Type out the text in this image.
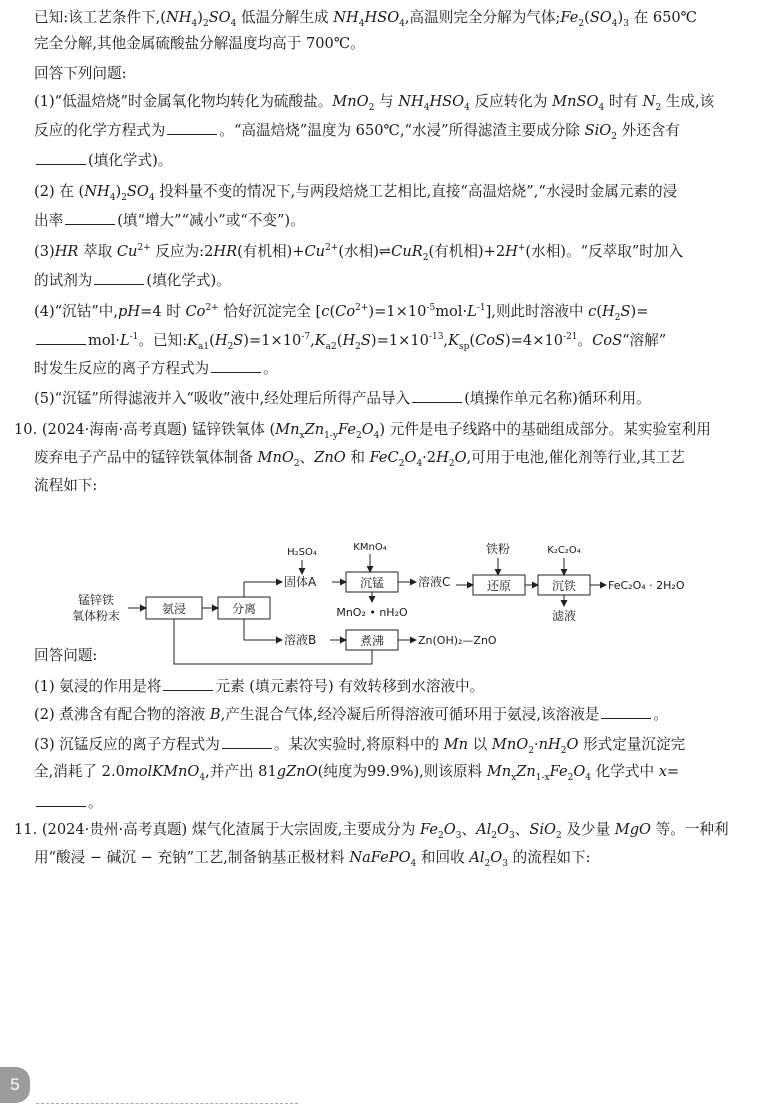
已知:该工艺条件下$,(NH_4)_2SO_4$ 低温分解生成 $NH_4HSO_4$,高温则完全分解为气体$;Fe_2(SO_4)_3$ 在 650℃
完全分解,其他金属硫酸盐分解温度均高于 700℃。
回答下列问题:
(1)“低温焙烧”时金属氧化物均转化为硫酸盐。MnO$_2$ 与 $NH_4HSO_4$ 反应转化为 MnSO$_4$ 时有 $N_2$ 生成,该
反应的化学方程式为	。“高温焙烧”温度为 650℃,“水浸”所得滤渣主要成分除 SiO$_2$ 外还含有
(填化学式)。
(2) 在 $(NH_4)_2SO_4$ 投料量不变的情况下,与两段焙烧工艺相比,直接“高温焙烧”,“水浸时金属元素的浸
出率	(填“增大”“减小”或“不变”)。
(3)HR 萃取 $Cu^{2+}$ 反应为:2HR(有机相)$+Cu^{2+}$(水相)⇌CuR$_2$(有机相)+2H+(水相)。“反萃取”时加入
的试剂为	(填化学式)。
(4)“沉钴”中,pH=4 时 $Co^{2+}$ 恰好沉淀完全 $[c(Co^{2+})=1\times 10^{-5}mol\cdot L^{-1}]$,则此时溶液中 $c(H_2S)=$
$mol\cdot L^{-1}$。已知$:K_{a1}(H_2S)=1\times 10^{-7},K_{a2}(H_2S)=1\times 10^{-13},K_{sp}(CoS)=4\times 10^{-21}$。CoS“溶解”
时发生反应的离子方程式为	。
(5)“沉锰”所得滤液并入“吸收”液中,经处理后所得产品导入	(填操作单元名称)循环利用。
10. (2024·海南·高考真题) 锰锌铁氧体 $(Mn_xZn_{1-y}Fe_2O_4)$ 元件是电子线路中的基础组成部分。某实验室利用
废弃电子产品中的锰锌铁氧体制备 MnO$_2$、ZnO 和 $FeC_2O_4\cdot 2H_2O$,可用于电池,催化剂等行业,其工艺
流程如下:
回答问题:
(1) 氨浸的作用是将	元素 (填元素符号) 有效转移到水溶液中。
(2) 煮沸含有配合物的溶液 B,产生混合气体,经冷凝后所得溶液可循环用于氨浸,该溶液是	。
(3) 沉锰反应的离子方程式为	。某次实验时,将原料中的 Mn 以 $MnO_2\cdot nH_2O$ 形式定量沉淀完
全,消耗了 2.0molKMnO$_4$,并产出 81gZnO(纯度为99.9%),则该原料 $Mn_xZn_{1-x}Fe_2O_4$ 化学式中 x=
。
11. (2024·贵州·高考真题) 煤气化渣属于大宗固废,主要成分为 $Fe_2O_3$、$Al_2O_3$、SiO$_2$ 及少量 MgO 等。一种利
用“酸浸 − 碱沉 − 充钠”工艺,制备钠基正极材料 NaFePO$_4$ 和回收 $Al_2O_3$ 的流程如下:
锰锌铁
氧体粉末	氨浸	分离
固体A
H₂SO₄	KMnO₄
沉锰
MnO₂ • nH₂O
溶液C
铁粉
还原
K₂C₂O₄
沉铁	FeC₂O₄ · 2H₂O
滤液
溶液B	煮沸	Zn(OH)₂—ZnO
5
